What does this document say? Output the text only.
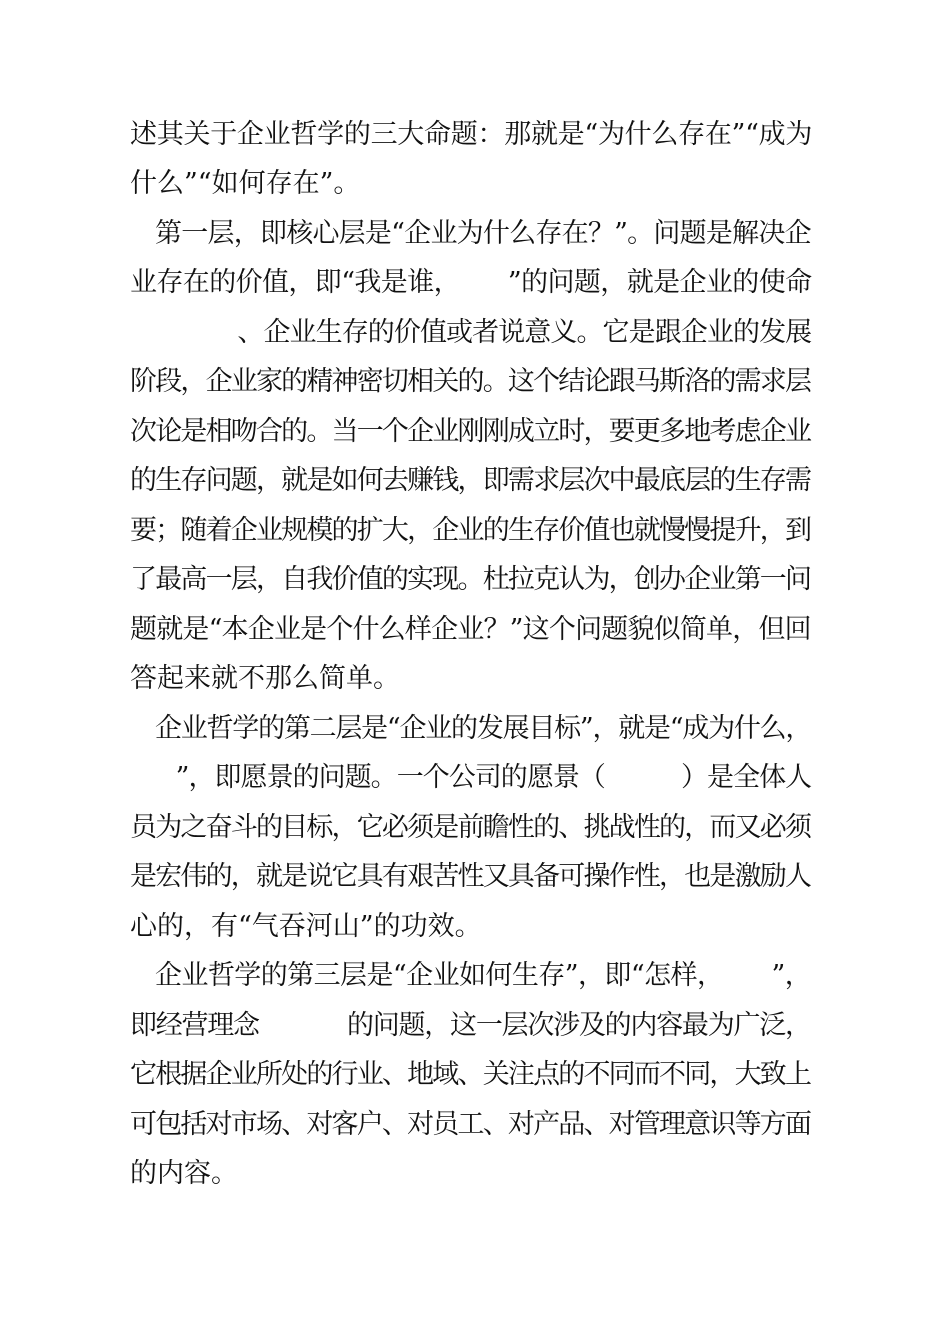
述其关于企业哲学的三大命题：那就是“为什么存在”“成为

什么”“如何存在”。

第一层，即核心层是“企业为什么存在？”。问题是解决企

业存在的价值，即“我是谁，      ”的问题，就是企业的使命

、企业生存的价值或者说意义。它是跟企业的发展

阶段，企业家的精神密切相关的。这个结论跟马斯洛的需求层

次论是相吻合的。当一个企业刚刚成立时，要更多地考虑企业

的生存问题，就是如何去赚钱，即需求层次中最底层的生存需

要；随着企业规模的扩大，企业的生存价值也就慢慢提升，到

了最高一层，自我价值的实现。杜拉克认为，创办企业第一问

题就是“本企业是个什么样企业？”这个问题貌似简单，但回

答起来就不那么简单。

企业哲学的第二层是“企业的发展目标”，就是“成为什么，

”，即愿景的问题。一个公司的愿景（          ）是全体人

员为之奋斗的目标，它必须是前瞻性的、挑战性的，而又必须

是宏伟的，就是说它具有艰苦性又具备可操作性，也是激励人

心的，有“气吞河山”的功效。

企业哲学的第三层是“企业如何生存”，即“怎样，      ”，

即经营理念            的问题，这一层次涉及的内容最为广泛，

它根据企业所处的行业、地域、关注点的不同而不同，大致上

可包括对市场、对客户、对员工、对产品、对管理意识等方面

的内容。
